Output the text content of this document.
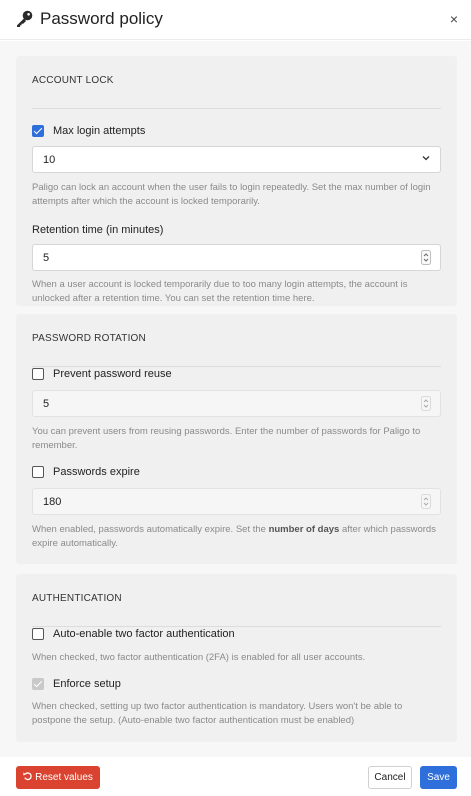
Password policy	×
ACCOUNT LOCK
Max login attempts
10
Paligo can lock an account when the user fails to login repeatedly. Set the max number of login attempts after which the account is locked temporarily.
Retention time (in minutes)
5
When a user account is locked temporarily due to too many login attempts, the account is unlocked after a retention time. You can set the retention time here.
PASSWORD ROTATION
Prevent password reuse
5
You can prevent users from reusing passwords. Enter the number of passwords for Paligo to remember.
Passwords expire
180
When enabled, passwords automatically expire. Set the number of days after which passwords expire automatically.
AUTHENTICATION
Auto-enable two factor authentication
When checked, two factor authentication (2FA) is enabled for all user accounts.
Enforce setup
When checked, setting up two factor authentication is mandatory. Users won't be able to postpone the setup. (Auto-enable two factor authentication must be enabled)
Reset values	Cancel	Save
